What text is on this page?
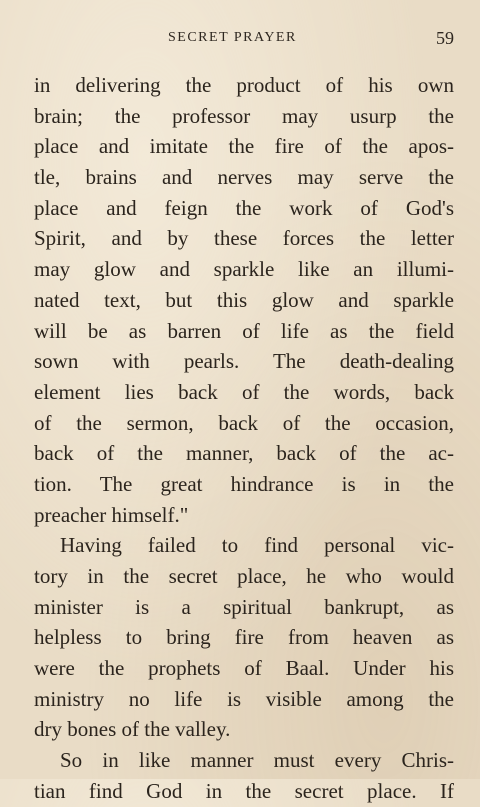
SECRET PRAYER	59
in delivering the product of his own
brain; the professor may usurp the
place and imitate the fire of the apos-
tle, brains and nerves may serve the
place and feign the work of God's
Spirit, and by these forces the letter
may glow and sparkle like an illumi-
nated text, but this glow and sparkle
will be as barren of life as the field
sown with pearls. The death-dealing
element lies back of the words, back
of the sermon, back of the occasion,
back of the manner, back of the ac-
tion. The great hindrance is in the
preacher himself."
Having failed to find personal vic-
tory in the secret place, he who would
minister is a spiritual bankrupt, as
helpless to bring fire from heaven as
were the prophets of Baal. Under his
ministry no life is visible among the
dry bones of the valley.
So in like manner must every Chris-
tian find God in the secret place. If
